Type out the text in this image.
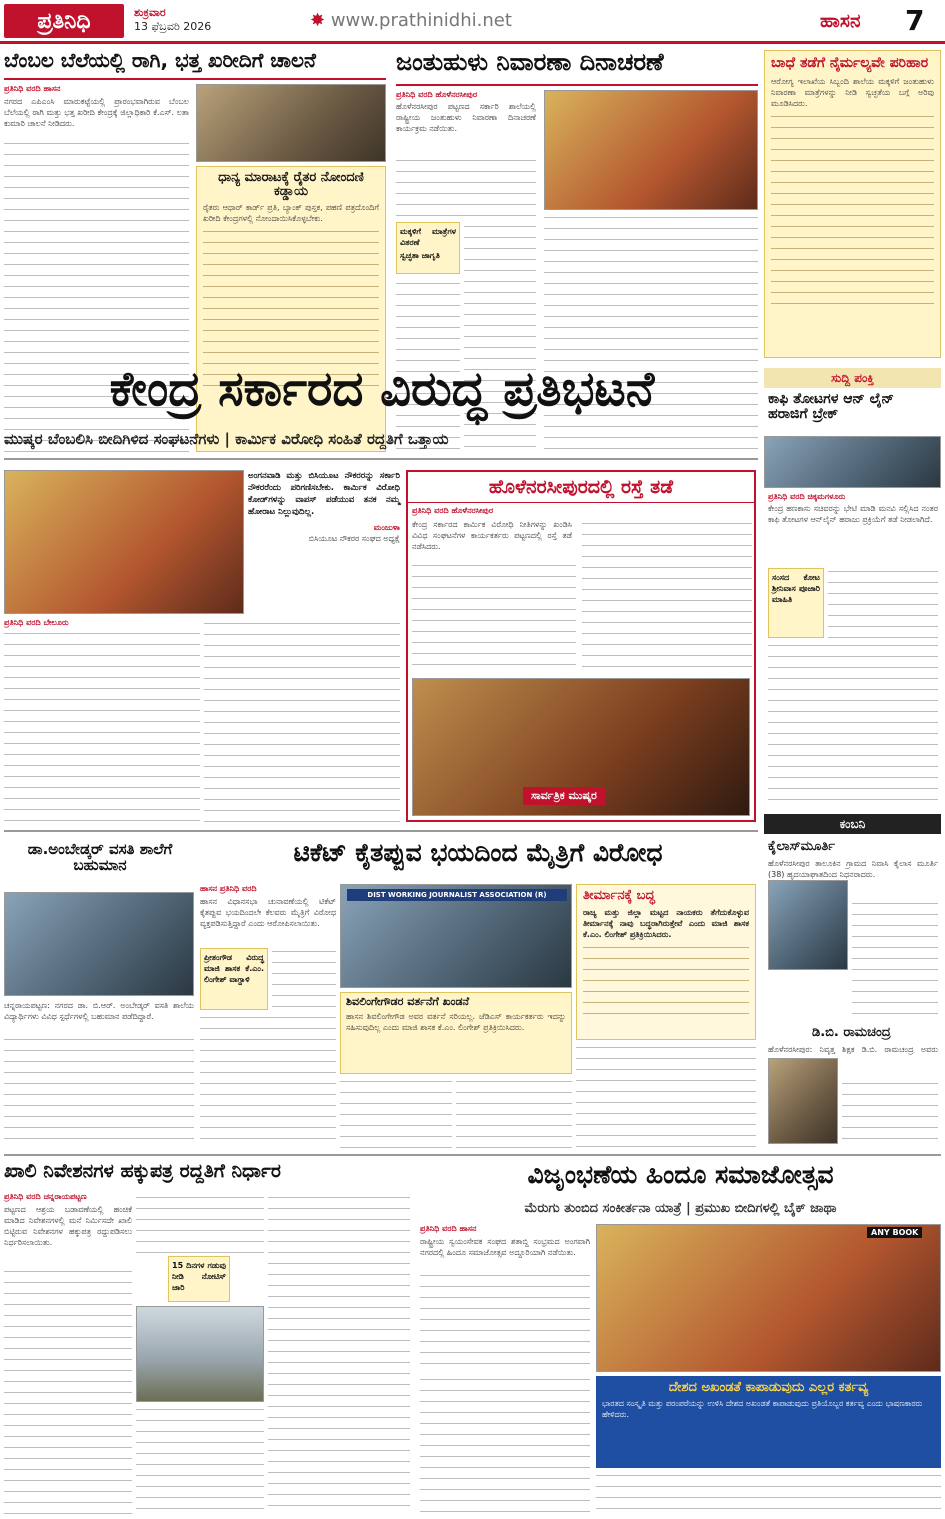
ಪ್ರತಿನಿಧಿ	ಶುಕ್ರವಾರ
13 ಫೆಬ್ರವರಿ 2026	✸ www.prathinidhi.net	ಹಾಸನ 7
ಬೆಂಬಲ ಬೆಲೆಯಲ್ಲಿ ರಾಗಿ, ಭತ್ತ ಖರೀದಿಗೆ ಚಾಲನೆ
ಪ್ರತಿನಿಧಿ ವರದಿ ಹಾಸನ
ನಗರದ ಎಪಿಎಂಸಿ ಮಾರುಕಟ್ಟೆಯಲ್ಲಿ ಪ್ರಾರಂಭವಾಗಿರುವ ಬೆಂಬಲ ಬೆಲೆಯಲ್ಲಿ ರಾಗಿ ಮತ್ತು ಭತ್ತ ಖರೀದಿ ಕೇಂದ್ರಕ್ಕೆ ಜಿಲ್ಲಾಧಿಕಾರಿ ಕೆ.ಎಸ್. ಲತಾ ಕುಮಾರಿ ಚಾಲನೆ ನೀಡಿದರು.
ಧಾನ್ಯ ಮಾರಾಟಕ್ಕೆ ರೈತರ ನೋಂದಣಿ ಕಡ್ಡಾಯ
ರೈತರು ಆಧಾರ್ ಕಾರ್ಡ್ ಪ್ರತಿ, ಬ್ಯಾಂಕ್ ಪುಸ್ತಕ, ಪಹಣಿ ಪತ್ರದೊಂದಿಗೆ ಖರೀದಿ ಕೇಂದ್ರಗಳಲ್ಲಿ ನೋಂದಾಯಿಸಿಕೊಳ್ಳಬೇಕು.
ಜಂತುಹುಳು ನಿವಾರಣಾ ದಿನಾಚರಣೆ
ಪ್ರತಿನಿಧಿ ವರದಿ ಹೊಳೆನರಸೀಪುರ
ಹೊಳೆನರಸೀಪುರ ಪಟ್ಟಣದ ಸರ್ಕಾರಿ ಶಾಲೆಯಲ್ಲಿ ರಾಷ್ಟ್ರೀಯ ಜಂತುಹುಳು ನಿವಾರಣಾ ದಿನಾಚರಣೆ ಕಾರ್ಯಕ್ರಮ ನಡೆಯಿತು.
ಮಕ್ಕಳಿಗೆ ಮಾತ್ರೆಗಳ ವಿತರಣೆ
ಸ್ವಚ್ಛತಾ ಜಾಗೃತಿ
ಬಾಧೆ ತಡೆಗೆ ನೈರ್ಮಲ್ಯವೇ ಪರಿಹಾರ
ಆರೋಗ್ಯ ಇಲಾಖೆಯ ಸಿಬ್ಬಂದಿ ಶಾಲೆಯ ಮಕ್ಕಳಿಗೆ ಜಂತುಹುಳು ನಿವಾರಣಾ ಮಾತ್ರೆಗಳನ್ನು ನೀಡಿ ಸ್ವಚ್ಛತೆಯ ಬಗ್ಗೆ ಅರಿವು ಮೂಡಿಸಿದರು.
ಕೇಂದ್ರ ಸರ್ಕಾರದ ವಿರುದ್ಧ ಪ್ರತಿಭಟನೆ
ಮುಷ್ಕರ ಬೆಂಬಲಿಸಿ ಬೀದಿಗಿಳಿದ ಸಂಘಟನೆಗಳು | ಕಾರ್ಮಿಕ ವಿರೋಧಿ ಸಂಹಿತೆ ರದ್ದತಿಗೆ ಒತ್ತಾಯ
ಅಂಗನವಾಡಿ ಮತ್ತು ಬಿಸಿಯೂಟ ನೌಕರರನ್ನು ಸರ್ಕಾರಿ ನೌಕರರೆಂದು ಪರಿಗಣಿಸಬೇಕು. ಕಾರ್ಮಿಕ ವಿರೋಧಿ ಕೋಡ್‌ಗಳನ್ನು ವಾಪಸ್ ಪಡೆಯುವ ತನಕ ನಮ್ಮ ಹೋರಾಟ ನಿಲ್ಲುವುದಿಲ್ಲ.
ಮಂಜುಳಾ
ಬಿಸಿಯೂಟ ನೌಕರರ ಸಂಘದ ಅಧ್ಯಕ್ಷೆ
ಪ್ರತಿನಿಧಿ ವರದಿ ಬೇಲೂರು
ಹೊಳೆನರಸೀಪುರದಲ್ಲಿ ರಸ್ತೆ ತಡೆ
ಪ್ರತಿನಿಧಿ ವರದಿ ಹೊಳೆನರಸೀಪುರ
ಕೇಂದ್ರ ಸರ್ಕಾರದ ಕಾರ್ಮಿಕ ವಿರೋಧಿ ನೀತಿಗಳನ್ನು ಖಂಡಿಸಿ ವಿವಿಧ ಸಂಘಟನೆಗಳ ಕಾರ್ಯಕರ್ತರು ಪಟ್ಟಣದಲ್ಲಿ ರಸ್ತೆ ತಡೆ ನಡೆಸಿದರು.
ಸಾರ್ವತ್ರಿಕ ಮುಷ್ಕರ
ಸುದ್ದಿ ಪಂಕ್ತಿ
ಕಾಫಿ ತೋಟಗಳ ಆನ್ ಲೈನ್ ಹರಾಜಿಗೆ ಬ್ರೇಕ್
ಪ್ರತಿನಿಧಿ ವರದಿ ಚಿಕ್ಕಮಗಳೂರು
ಕೇಂದ್ರ ಹಣಕಾಸು ಸಚಿವರನ್ನು ಭೇಟಿ ಮಾಡಿ ಮನವಿ ಸಲ್ಲಿಸಿದ ನಂತರ ಕಾಫಿ ತೋಟಗಳ ಆನ್‌ಲೈನ್ ಹರಾಜು ಪ್ರಕ್ರಿಯೆಗೆ ತಡೆ ನೀಡಲಾಗಿದೆ.
ಸಂಸದ ಕೋಟ ಶ್ರೀನಿವಾಸ ಪೂಜಾರಿ ಮಾಹಿತಿ
ಕಂಬನಿ
ಕೈಲಾಸ್‌ಮೂರ್ತಿ
ಹೊಳೆನರಸೀಪುರ ತಾಲೂಕಿನ ಗ್ರಾಮದ ನಿವಾಸಿ ಕೈಲಾಸ ಮೂರ್ತಿ (38) ಹೃದಯಾಘಾತದಿಂದ ನಿಧನರಾದರು.
ಡಿ.ಬಿ. ರಾಮಚಂದ್ರ
ಹೊಳೆನರಸೀಪುರ: ನಿವೃತ್ತ ಶಿಕ್ಷಕ ಡಿ.ಬಿ. ರಾಮಚಂದ್ರ ಅವರು
ಡಾ.ಅಂಬೇಡ್ಕರ್ ವಸತಿ ಶಾಲೆಗೆ ಬಹುಮಾನ
ಚನ್ನರಾಯಪಟ್ಟಣ: ನಗರದ ಡಾ. ಬಿ.ಆರ್. ಅಂಬೇಡ್ಕರ್ ವಸತಿ ಶಾಲೆಯ ವಿದ್ಯಾರ್ಥಿಗಳು ವಿವಿಧ ಸ್ಪರ್ಧೆಗಳಲ್ಲಿ ಬಹುಮಾನ ಪಡೆದಿದ್ದಾರೆ.
ಟಿಕೆಟ್ ಕೈತಪ್ಪುವ ಭಯದಿಂದ ಮೈತ್ರಿಗೆ ವಿರೋಧ
ಹಾಸನ ಪ್ರತಿನಿಧಿ ವರದಿ
ಹಾಸನ ವಿಧಾನಸಭಾ ಚುನಾವಣೆಯಲ್ಲಿ ಟಿಕೆಟ್ ಕೈತಪ್ಪುವ ಭಯದಿಂದಲೇ ಕೆಲವರು ಮೈತ್ರಿಗೆ ವಿರೋಧ ವ್ಯಕ್ತಪಡಿಸುತ್ತಿದ್ದಾರೆ ಎಂದು ಆರೋಪಿಸಲಾಯಿತು.
ಪ್ರೀತಂಗೌಡ ವಿರುದ್ಧ ಮಾಜಿ ಶಾಸಕ ಕೆ.ಎಂ. ಲಿಂಗೇಶ್ ವಾಗ್ದಾಳಿ
DIST WORKING JOURNALIST ASSOCIATION (R)
ಶಿವಲಿಂಗೇಗೌಡರ ವರ್ತನೆಗೆ ಖಂಡನೆ
ಹಾಸನ ಶಿವಲಿಂಗೇಗೌಡ ಅವರ ವರ್ತನೆ ಸರಿಯಲ್ಲ. ಜೆಡಿಎಸ್ ಕಾರ್ಯಕರ್ತರು ಇದನ್ನು ಸಹಿಸುವುದಿಲ್ಲ ಎಂದು ಮಾಜಿ ಶಾಸಕ ಕೆ.ಎಂ. ಲಿಂಗೇಶ್ ಪ್ರತಿಕ್ರಿಯಿಸಿದರು.
ತೀರ್ಮಾನಕ್ಕೆ ಬದ್ಧ
ರಾಜ್ಯ ಮತ್ತು ಜಿಲ್ಲಾ ಮಟ್ಟದ ನಾಯಕರು ತೆಗೆದುಕೊಳ್ಳುವ ತೀರ್ಮಾನಕ್ಕೆ ನಾವು ಬದ್ಧರಾಗಿರುತ್ತೇವೆ ಎಂದು ಮಾಜಿ ಶಾಸಕ ಕೆ.ಎಂ. ಲಿಂಗೇಶ್ ಪ್ರತಿಕ್ರಿಯಿಸಿದರು.
ಖಾಲಿ ನಿವೇಶನಗಳ ಹಕ್ಕುಪತ್ರ ರದ್ದತಿಗೆ ನಿರ್ಧಾರ
ಪ್ರತಿನಿಧಿ ವರದಿ ಚನ್ನರಾಯಪಟ್ಟಣ
ಪಟ್ಟಣದ ಆಶ್ರಯ ಬಡಾವಣೆಯಲ್ಲಿ ಹಂಚಿಕೆ ಮಾಡಿದ ನಿವೇಶನಗಳಲ್ಲಿ ಮನೆ ನಿರ್ಮಿಸದೇ ಖಾಲಿ ಬಿಟ್ಟಿರುವ ನಿವೇಶನಗಳ ಹಕ್ಕುಪತ್ರ ರದ್ದುಪಡಿಸಲು ನಿರ್ಧರಿಸಲಾಯಿತು.
15 ದಿನಗಳ ಗಡುವು ನೀಡಿ ನೋಟಿಸ್ ಜಾರಿ
ವಿಜೃಂಭಣೆಯ ಹಿಂದೂ ಸಮಾಜೋತ್ಸವ
ಮೆರುಗು ತುಂಬಿದ ಸಂಕೀರ್ತನಾ ಯಾತ್ರೆ | ಪ್ರಮುಖ ಬೀದಿಗಳಲ್ಲಿ ಬೈಕ್ ಜಾಥಾ
ಪ್ರತಿನಿಧಿ ವರದಿ ಹಾಸನ
ರಾಷ್ಟ್ರೀಯ ಸ್ವಯಂಸೇವಕ ಸಂಘದ ಶತಾಬ್ದಿ ಸಂಭ್ರಮದ ಅಂಗವಾಗಿ ನಗರದಲ್ಲಿ ಹಿಂದೂ ಸಮಾಜೋತ್ಸವ ಅದ್ದೂರಿಯಾಗಿ ನಡೆಯಿತು.
ANY BOOK
ದೇಶದ ಅಖಂಡತೆ ಕಾಪಾಡುವುದು ಎಲ್ಲರ ಕರ್ತವ್ಯ
ಭಾರತದ ಸಂಸ್ಕೃತಿ ಮತ್ತು ಪರಂಪರೆಯನ್ನು ಉಳಿಸಿ ದೇಶದ ಅಖಂಡತೆ ಕಾಪಾಡುವುದು ಪ್ರತಿಯೊಬ್ಬರ ಕರ್ತವ್ಯ ಎಂದು ಭಾಷಣಕಾರರು ಹೇಳಿದರು.
